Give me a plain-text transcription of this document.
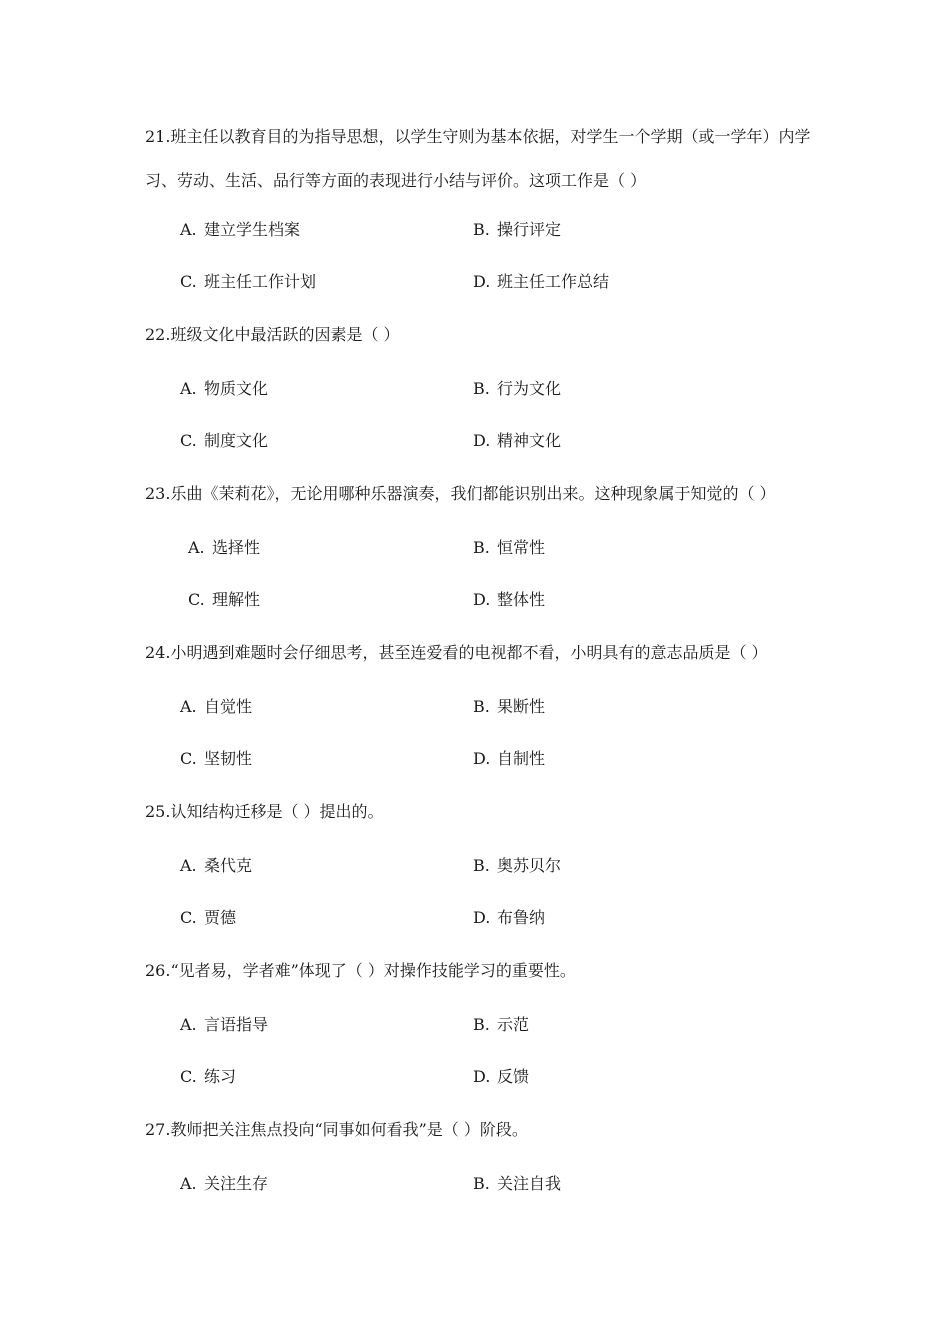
21.班主任以教育目的为指导思想，以学生守则为基本依据，对学生一个学期（或一学年）内学习、劳动、生活、品行等方面的表现进行小结与评价。这项工作是（ ）
A. 建立学生档案	B. 操行评定
C. 班主任工作计划	D. 班主任工作总结
22.班级文化中最活跃的因素是（ ）
A. 物质文化	B. 行为文化
C. 制度文化	D. 精神文化
23.乐曲《茉莉花》，无论用哪种乐器演奏，我们都能识别出来。这种现象属于知觉的（ ）
A. 选择性	B. 恒常性
C. 理解性	D. 整体性
24.小明遇到难题时会仔细思考，甚至连爱看的电视都不看，小明具有的意志品质是（ ）
A. 自觉性	B. 果断性
C. 坚韧性	D. 自制性
25.认知结构迁移是（ ）提出的。
A. 桑代克	B. 奥苏贝尔
C. 贾德	D. 布鲁纳
26.“见者易，学者难”体现了（ ）对操作技能学习的重要性。
A. 言语指导	B. 示范
C. 练习	D. 反馈
27.教师把关注焦点投向“同事如何看我”是（ ）阶段。
A. 关注生存	B. 关注自我
